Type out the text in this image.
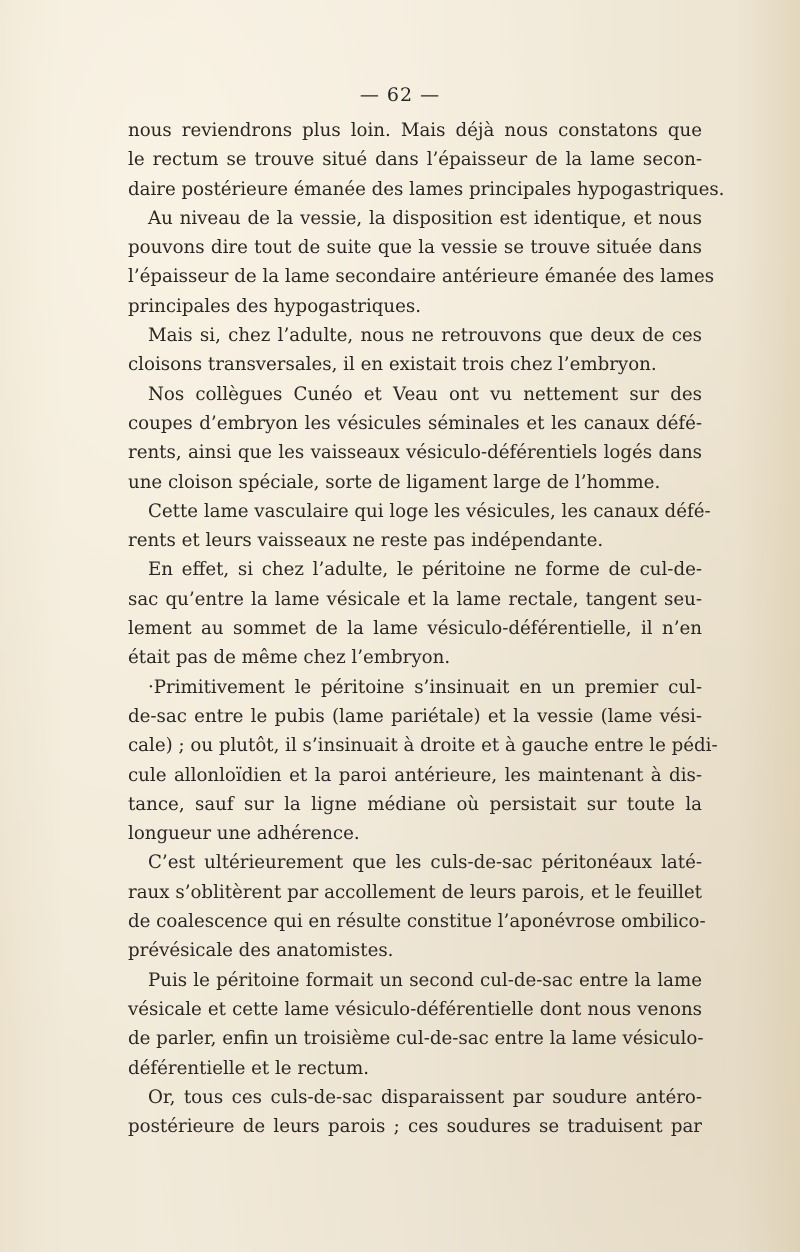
— 62 —
nous reviendrons plus loin. Mais déjà nous constatons que
le rectum se trouve situé dans l’épaisseur de la lame secon-
daire postérieure émanée des lames principales hypogastriques.
Au niveau de la vessie, la disposition est identique, et nous
pouvons dire tout de suite que la vessie se trouve située dans
l’épaisseur de la lame secondaire antérieure émanée des lames
principales des hypogastriques.
Mais si, chez l’adulte, nous ne retrouvons que deux de ces
cloisons transversales, il en existait trois chez l’embryon.
Nos collègues Cunéo et Veau ont vu nettement sur des
coupes d’embryon les vésicules séminales et les canaux défé-
rents, ainsi que les vaisseaux vésiculo-déférentiels logés dans
une cloison spéciale, sorte de ligament large de l’homme.
Cette lame vasculaire qui loge les vésicules, les canaux défé-
rents et leurs vaisseaux ne reste pas indépendante.
En effet, si chez l’adulte, le péritoine ne forme de cul-de-
sac qu’entre la lame vésicale et la lame rectale, tangent seu-
lement au sommet de la lame vésiculo-déférentielle, il n’en
était pas de même chez l’embryon.
·Primitivement le péritoine s’insinuait en un premier cul-
de-sac entre le pubis (lame pariétale) et la vessie (lame vési-
cale) ; ou plutôt, il s’insinuait à droite et à gauche entre le pédi-
cule allonloïdien et la paroi antérieure, les maintenant à dis-
tance, sauf sur la ligne médiane où persistait sur toute la
longueur une adhérence.
C’est ultérieurement que les culs-de-sac péritonéaux laté-
raux s’oblitèrent par accollement de leurs parois, et le feuillet
de coalescence qui en résulte constitue l’aponévrose ombilico-
prévésicale des anatomistes.
Puis le péritoine formait un second cul-de-sac entre la lame
vésicale et cette lame vésiculo-déférentielle dont nous venons
de parler, enfin un troisième cul-de-sac entre la lame vésiculo-
déférentielle et le rectum.
Or, tous ces culs-de-sac disparaissent par soudure antéro-
postérieure de leurs parois ; ces soudures se traduisent par
